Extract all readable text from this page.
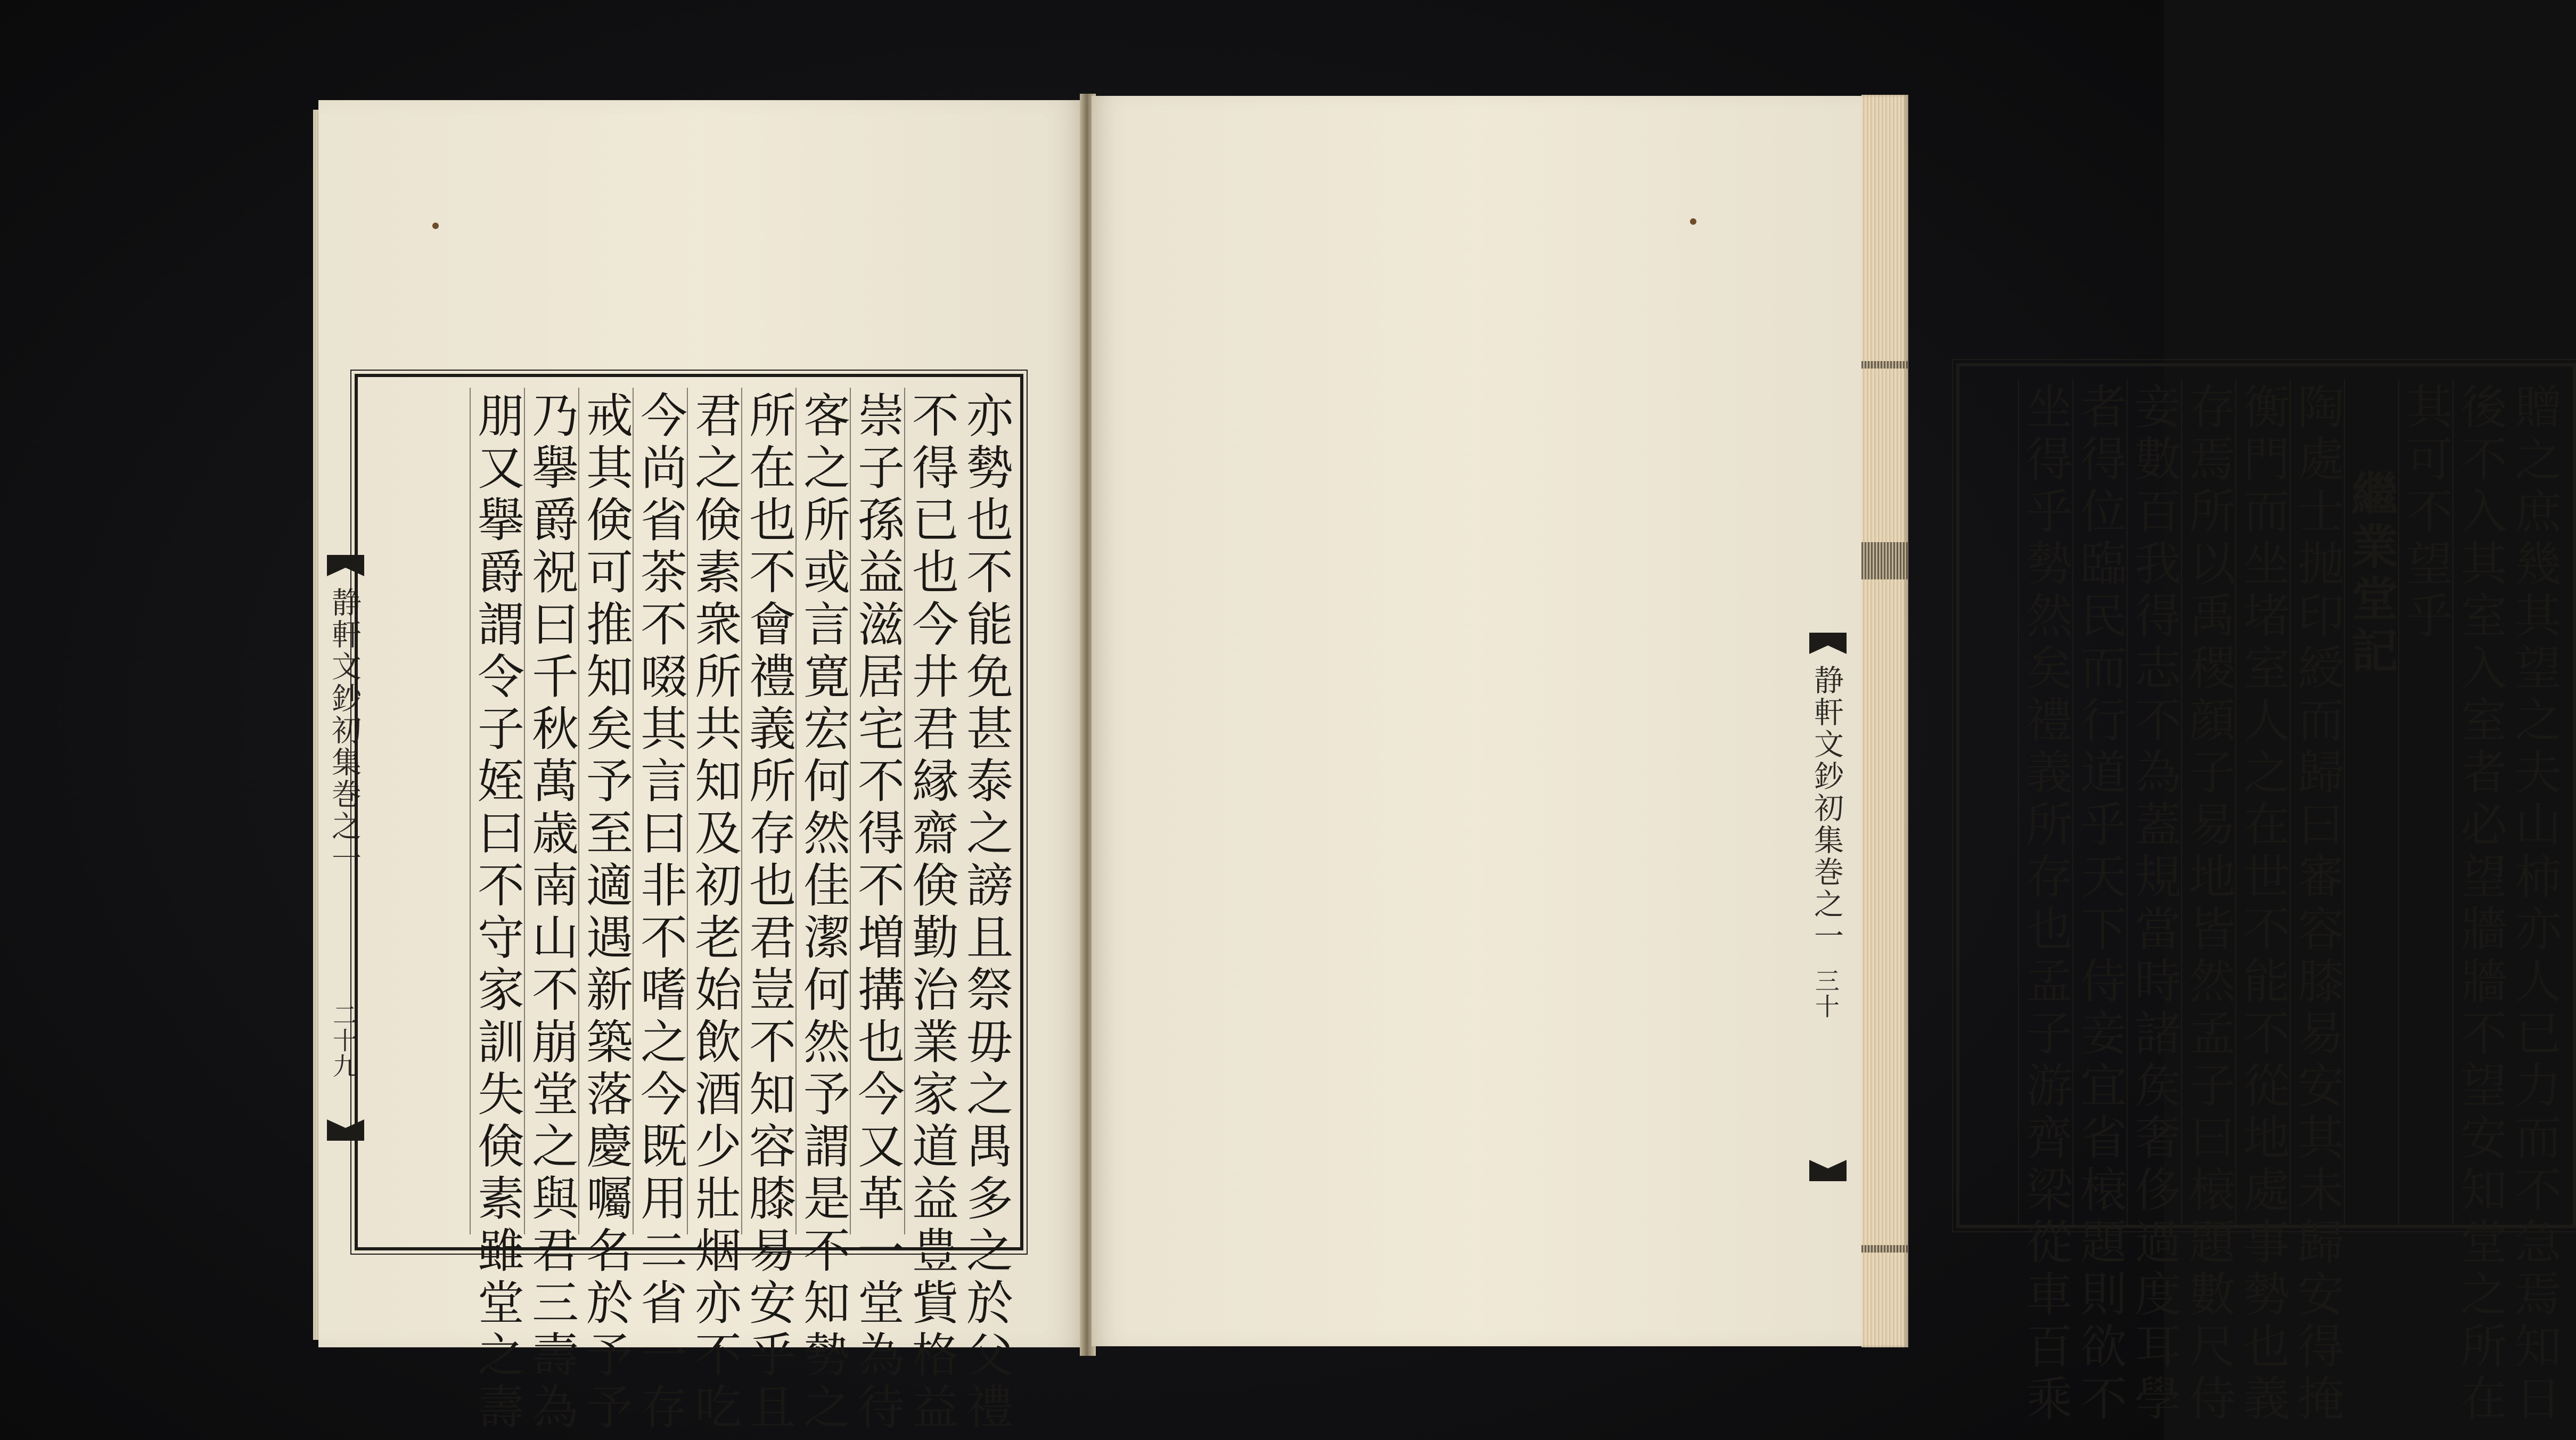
静軒文鈔初集巻之一
二十九	亦勢也不能免甚泰之謗且祭毋之禺多之於父禮
不得已也今井君縁齋倹勤治業家道益豊貲格益
崇子孫益滋居宅不得不増搆也今又革一堂為待
客之所或言寛宏何然佳潔何然予謂是不知勢之
所在也不會禮義所存也君豈不知容膝易安乎且
君之倹素衆所共知及初老始飲酒少壯烟亦不吃
今尚省茶不啜其言曰非不嗜之今既用二省一存
戒其倹可推知矣予至適遇新築落慶囑名於予予
乃擧爵祝曰千秋萬歳南山不崩堂之與君三壽為
朋又擧爵謂令子姪曰不守家訓失倹素雖堂之壽	贈之庶幾其望之夫山柿亦人已力而不急焉知日
後不入其室入室者必望牆牆不望安知堂之所在
其可不望乎
繼業堂記
陶處士抛印綬而歸曰審容膝易安其未歸安得掩
衡門而坐堵室人之在世不能不從地處事勢也義
存焉所以禹稷顔子易地皆然孟子曰榱題數尺侍
妾數百我得志不為蓋規當時諸矦奢侈過度耳學
者得位臨民而行道乎天下侍妾宜省榱題則欲不
坐得乎勢然矣禮義所存也孟子游齊梁從車百乘
静軒文鈔初集巻之一
三十
